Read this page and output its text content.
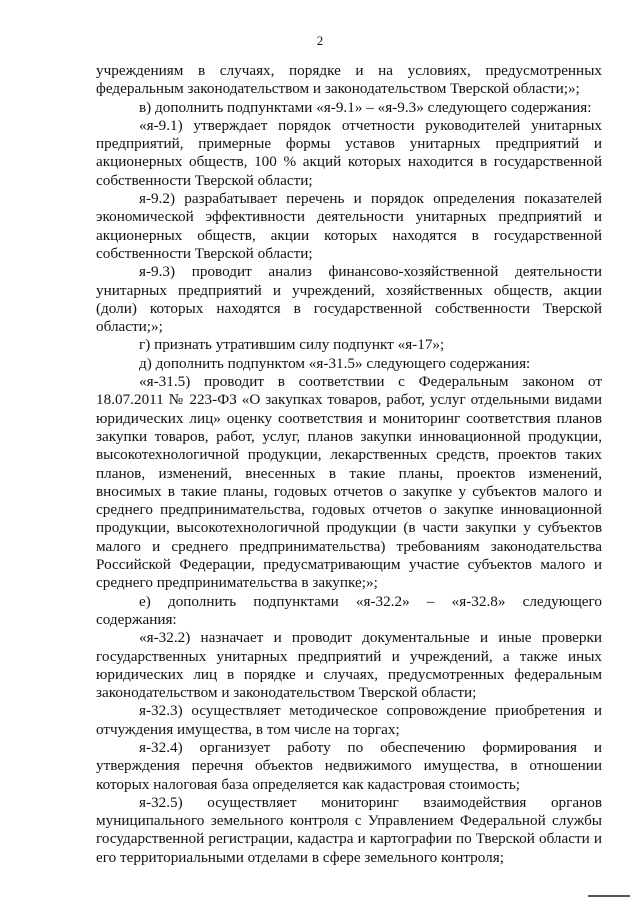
2

учреждениям в случаях, порядке и на условиях, предусмотренных федеральным законодательством и законодательством Тверской области;»;

в) дополнить подпунктами «я-9.1» – «я-9.3» следующего содержания:

«я-9.1) утверждает порядок отчетности руководителей унитарных предприятий, примерные формы уставов унитарных предприятий и акционерных обществ, 100 % акций которых находится в государственной собственности Тверской области;

я-9.2) разрабатывает перечень и порядок определения показателей экономической эффективности деятельности унитарных предприятий и акционерных обществ, акции которых находятся в государственной собственности Тверской области;

я-9.3) проводит анализ финансово-хозяйственной деятельности унитарных предприятий и учреждений, хозяйственных обществ, акции (доли) которых находятся в государственной собственности Тверской области;»;

г) признать утратившим силу подпункт «я-17»;

д) дополнить подпунктом «я-31.5» следующего содержания:

«я-31.5) проводит в соответствии с Федеральным законом от 18.07.2011 № 223-ФЗ «О закупках товаров, работ, услуг отдельными видами юридических лиц» оценку соответствия и мониторинг соответствия планов закупки товаров, работ, услуг, планов закупки инновационной продукции, высокотехнологичной продукции, лекарственных средств, проектов таких планов, изменений, внесенных в такие планы, проектов изменений, вносимых в такие планы, годовых отчетов о закупке у субъектов малого и среднего предпринимательства, годовых отчетов о закупке инновационной продукции, высокотехнологичной продукции (в части закупки у субъектов малого и среднего предпринимательства) требованиям законодательства Российской Федерации, предусматривающим участие субъектов малого и среднего предпринимательства в закупке;»;

е) дополнить подпунктами «я-32.2» – «я-32.8» следующего содержания:

«я-32.2) назначает и проводит документальные и иные проверки государственных унитарных предприятий и учреждений, а также иных юридических лиц в порядке и случаях, предусмотренных федеральным законодательством и законодательством Тверской области;

я-32.3) осуществляет методическое сопровождение приобретения и отчуждения имущества, в том числе на торгах;

я-32.4) организует работу по обеспечению формирования и утверждения перечня объектов недвижимого имущества, в отношении которых налоговая база определяется как кадастровая стоимость;

я-32.5) осуществляет мониторинг взаимодействия органов муниципального земельного контроля с Управлением Федеральной службы государственной регистрации, кадастра и картографии по Тверской области и его территориальными отделами в сфере земельного контроля;
